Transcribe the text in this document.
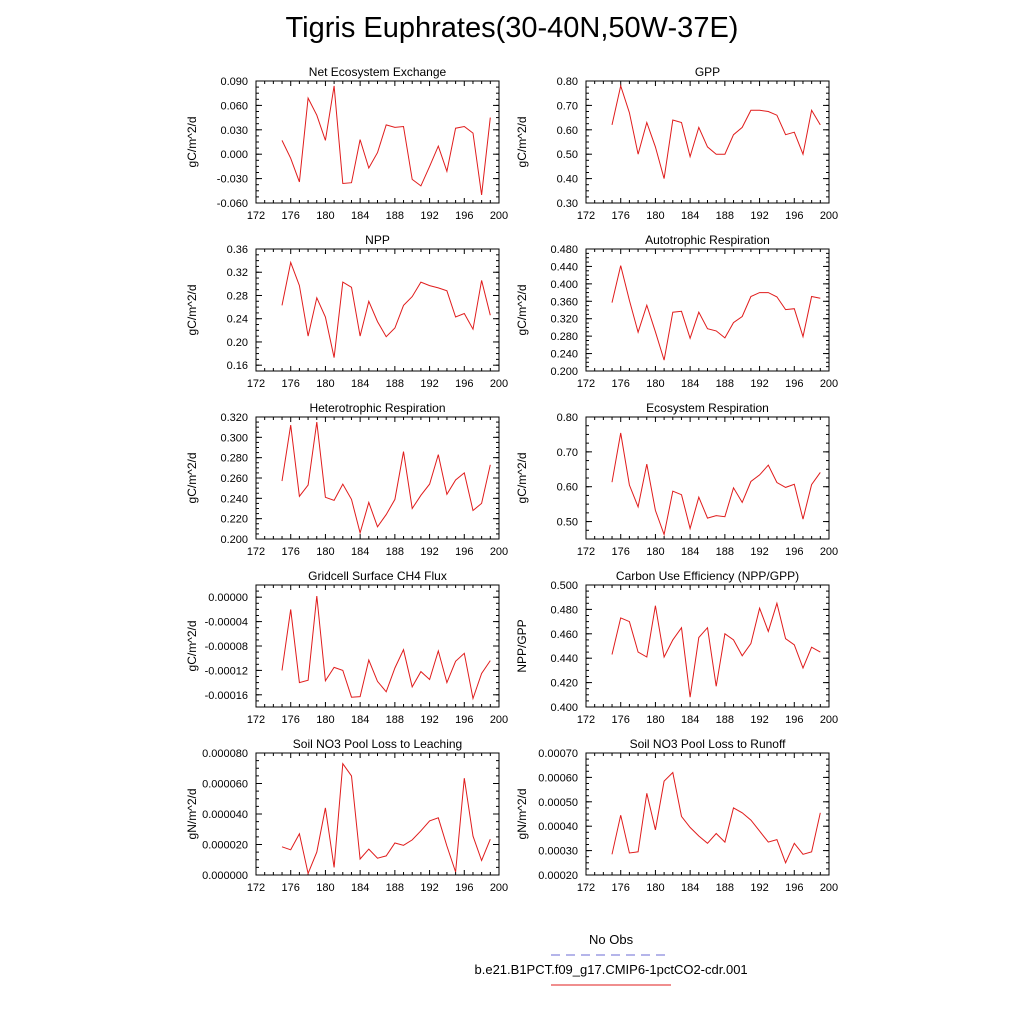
Tigris Euphrates(30-40N,50W-37E)
Net Ecosystem Exchange
gC/m^2/d
172 176 180 184 188 192 196 200
-0.060
-0.030
0.000
0.030
0.060
0.090
GPP
gC/m^2/d
172 176 180 184 188 192 196 200
0.30
0.40
0.50
0.60
0.70
0.80
NPP
gC/m^2/d
172 176 180 184 188 192 196 200
0.16
0.20
0.24
0.28
0.32
0.36
Autotrophic Respiration
gC/m^2/d
172 176 180 184 188 192 196 200
0.200
0.240
0.280
0.320
0.360
0.400
0.440
0.480
Heterotrophic Respiration
gC/m^2/d
172 176 180 184 188 192 196 200
0.200
0.220
0.240
0.260
0.280
0.300
0.320
Ecosystem Respiration
gC/m^2/d
172 176 180 184 188 192 196 200
0.50
0.60
0.70
0.80
Gridcell Surface CH4 Flux
gC/m^2/d
172 176 180 184 188 192 196 200
-0.00016
-0.00012
-0.00008
-0.00004
0.00000
Carbon Use Efficiency (NPP/GPP)
NPP/GPP
172 176 180 184 188 192 196 200
0.400
0.420
0.440
0.460
0.480
0.500
Soil NO3 Pool Loss to Leaching
gN/m^2/d
172 176 180 184 188 192 196 200
0.000000
0.000020
0.000040
0.000060
0.000080
Soil NO3 Pool Loss to Runoff
gN/m^2/d
172 176 180 184 188 192 196 200
0.00020
0.00030
0.00040
0.00050
0.00060
0.00070
No Obs
b.e21.B1PCT.f09_g17.CMIP6-1pctCO2-cdr.001
